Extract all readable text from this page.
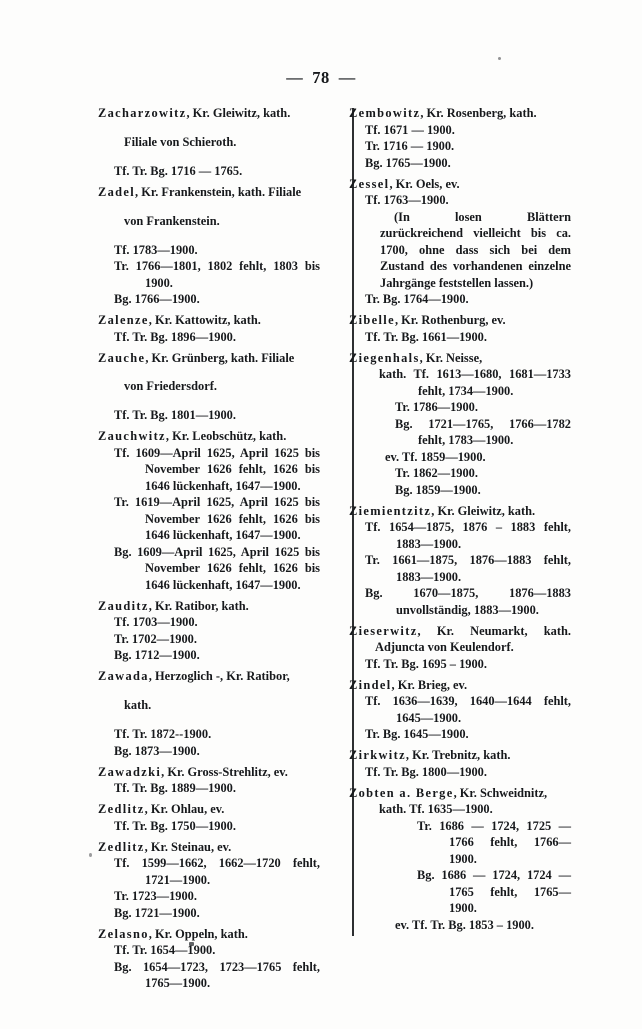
— 78 —

Zacharzowitz, Kr. Gleiwitz, kath.

Filiale von Schieroth.

Tf. Tr. Bg. 1716 — 1765.

Zadel, Kr. Frankenstein, kath. Filiale

von Frankenstein.

Tf. 1783—1900.

Tr. 1766—1801, 1802 fehlt, 1803 bis 1900.

Bg. 1766—1900.

Zalenze, Kr. Kattowitz, kath.

Tf. Tr. Bg. 1896—1900.

Zauche, Kr. Grünberg, kath. Filiale

von Friedersdorf.

Tf. Tr. Bg. 1801—1900.

Zauchwitz, Kr. Leobschütz, kath.

Tf. 1609—April 1625, April 1625 bis November 1626 fehlt, 1626 bis 1646 lückenhaft, 1647—1900.

Tr. 1619—April 1625, April 1625 bis November 1626 fehlt, 1626 bis 1646 lückenhaft, 1647—1900.

Bg. 1609—April 1625, April 1625 bis November 1626 fehlt, 1626 bis 1646 lückenhaft, 1647—1900.

Zauditz, Kr. Ratibor, kath.

Tf. 1703—1900.

Tr. 1702—1900.

Bg. 1712—1900.

Zawada, Herzoglich -, Kr. Ratibor,

kath.

Tf. Tr. 1872--1900.

Bg. 1873—1900.

Zawadzki, Kr. Gross-Strehlitz, ev.

Tf. Tr. Bg. 1889—1900.

Zedlitz, Kr. Ohlau, ev.

Tf. Tr. Bg. 1750—1900.

Zedlitz, Kr. Steinau, ev.

Tf. 1599—1662, 1662—1720 fehlt, 1721—1900.

Tr. 1723—1900.

Bg. 1721—1900.

Zelasno, Kr. Oppeln, kath.

Tf. Tr. 1654—1900.

Bg. 1654—1723, 1723—1765 fehlt, 1765—1900.

Zembowitz, Kr. Rosenberg, kath.

Tf. 1671 — 1900.

Tr. 1716 — 1900.

Bg. 1765—1900.

Zessel, Kr. Oels, ev.

Tf. 1763—1900.

(In losen Blättern zurückreichend vielleicht bis ca. 1700, ohne dass sich bei dem Zustand des vorhandenen einzelne Jahrgänge feststellen lassen.)

Tr. Bg. 1764—1900.

Zibelle, Kr. Rothenburg, ev.

Tf. Tr. Bg. 1661—1900.

Ziegenhals, Kr. Neisse,

kath. Tf. 1613—1680, 1681—1733 fehlt, 1734—1900.

Tr. 1786—1900.

Bg. 1721—1765, 1766—1782 fehlt, 1783—1900.

ev. Tf. 1859—1900.

Tr. 1862—1900.

Bg. 1859—1900.

Ziemientzitz, Kr. Gleiwitz, kath.

Tf. 1654—1875, 1876 – 1883 fehlt, 1883—1900.

Tr. 1661—1875, 1876—1883 fehlt, 1883—1900.

Bg. 1670—1875, 1876—1883 unvollständig, 1883—1900.

Zieserwitz, Kr. Neumarkt, kath. Adjuncta von Keulendorf.

Tf. Tr. Bg. 1695 – 1900.

Zindel, Kr. Brieg, ev.

Tf. 1636—1639, 1640—1644 fehlt, 1645—1900.

Tr. Bg. 1645—1900.

Zirkwitz, Kr. Trebnitz, kath.

Tf. Tr. Bg. 1800—1900.

Zobten a. Berge, Kr. Schweidnitz,

kath. Tf. 1635—1900.

Tr. 1686 — 1724, 1725 — 1766 fehlt, 1766—1900.

Bg. 1686 — 1724, 1724 — 1765 fehlt, 1765—1900.

ev. Tf. Tr. Bg. 1853 – 1900.
